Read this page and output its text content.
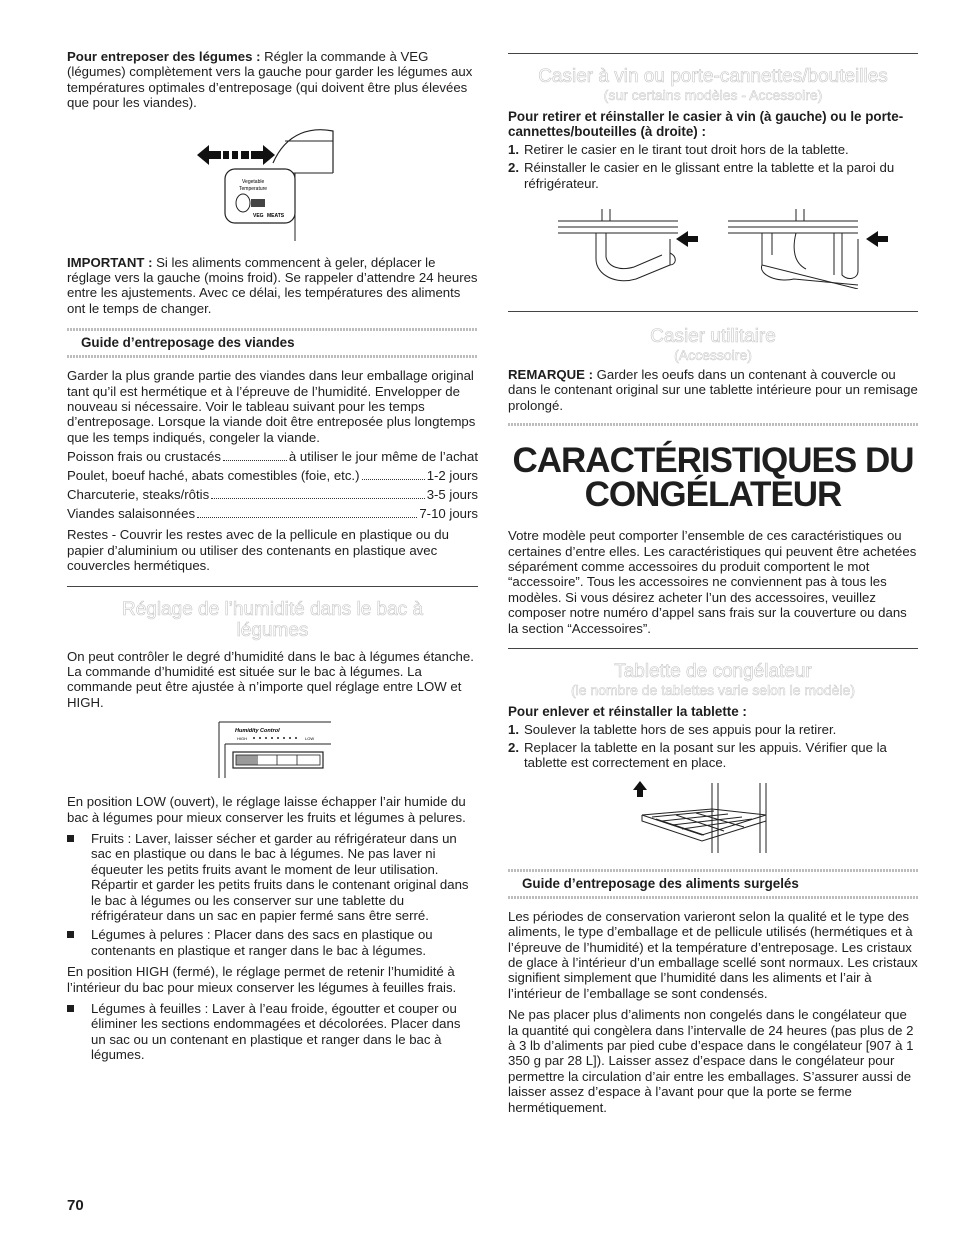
Pour entreposer des légumes : Régler la commande à VEG (légumes) complètement vers la gauche pour garder les légumes aux températures optimales d’entreposage (qui doivent être plus élevées que pour les viandes).

Vegetable
Temperature
VEG MEATS

IMPORTANT : Si les aliments commencent à geler, déplacer le réglage vers la gauche (moins froid). Se rappeler d’attendre 24 heures entre les ajustements. Avec ce délai, les températures des aliments ont le temps de changer.

Guide d’entreposage des viandes

Garder la plus grande partie des viandes dans leur emballage original tant qu’il est hermétique et à l’épreuve de l’humidité. Envelopper de nouveau si nécessaire. Voir le tableau suivant pour les temps d’entreposage. Lorsque la viande doit être entreposée plus longtemps que les temps indiqués, congeler la viande.

Poisson frais ou crustacés	à utiliser le jour même de l’achat
Poulet, boeuf haché, abats comestibles (foie, etc.)	1-2 jours
Charcuterie, steaks/rôtis	3-5 jours
Viandes salaisonnées	7-10 jours

Restes - Couvrir les restes avec de la pellicule en plastique ou du papier d’aluminium ou utiliser des contenants en plastique avec couvercles hermétiques.

Réglage de l’humidité dans le bac à
légumes

On peut contrôler le degré d’humidité dans le bac à légumes étanche. La commande d’humidité est située sur le bac à légumes. La commande peut être ajustée à n’importe quel réglage entre LOW et HIGH.

Humidity Control
HIGH	LOW

En position LOW (ouvert), le réglage laisse échapper l’air humide du bac à légumes pour mieux conserver les fruits et légumes à pelures.

Fruits : Laver, laisser sécher et garder au réfrigérateur dans un sac en plastique ou dans le bac à légumes. Ne pas laver ni équeuter les petits fruits avant le moment de leur utilisation. Répartir et garder les petits fruits dans le contenant original dans le bac à légumes ou les conserver sur une tablette du réfrigérateur dans un sac en papier fermé sans être serré.
Légumes à pelures : Placer dans des sacs en plastique ou contenants en plastique et ranger dans le bac à légumes.

En position HIGH (fermé), le réglage permet de retenir l’humidité à l’intérieur du bac pour mieux conserver les légumes à feuilles frais.

Légumes à feuilles : Laver à l’eau froide, égoutter et couper ou éliminer les sections endommagées et décolorées. Placer dans un sac ou un contenant en plastique et ranger dans le bac à légumes.
Casier à vin ou porte-cannettes/bouteilles
(sur certains modèles - Accessoire)

Pour retirer et réinstaller le casier à vin (à gauche) ou le porte-cannettes/bouteilles (à droite) :

1. Retirer le casier en le tirant tout droit hors de la tablette.
2. Réinstaller le casier en le glissant entre la tablette et la paroi du réfrigérateur.
Casier utilitaire
(Accessoire)

REMARQUE : Garder les oeufs dans un contenant à couvercle ou dans le contenant original sur une tablette intérieure pour un remisage prolongé.

CARACTÉRISTIQUES DU
CONGÉLATEUR

Votre modèle peut comporter l’ensemble de ces caractéristiques ou certaines d’entre elles. Les caractéristiques qui peuvent être achetées séparément comme accessoires du produit comportent le mot “accessoire”. Tous les accessoires ne conviennent pas à tous les modèles. Si vous désirez acheter l’un des accessoires, veuillez composer notre numéro d’appel sans frais sur la couverture ou dans la section “Accessoires”.

Tablette de congélateur
(le nombre de tablettes varie selon le modèle)

Pour enlever et réinstaller la tablette :

1. Soulever la tablette hors de ses appuis pour la retirer.
2. Replacer la tablette en la posant sur les appuis. Vérifier que la tablette est correctement en place.
Guide d’entreposage des aliments surgelés

Les périodes de conservation varieront selon la qualité et le type des aliments, le type d’emballage et de pellicule utilisés (hermétiques et à l’épreuve de l’humidité) et la température d’entreposage. Les cristaux de glace à l’intérieur d’un emballage scellé sont normaux. Les cristaux signifient simplement que l’humidité dans les aliments et l’air à l’intérieur de l’emballage se sont condensés.

Ne pas placer plus d’aliments non congelés dans le congélateur que la quantité qui congèlera dans l’intervalle de 24 heures (pas plus de 2 à 3 lb d’aliments par pied cube d’espace dans le congélateur [907 à 1 350 g par 28 L]). Laisser assez d’espace dans le congélateur pour permettre la circulation d’air entre les emballages. S’assurer aussi de laisser assez d’espace à l’avant pour que la porte se ferme hermétiquement.

70
